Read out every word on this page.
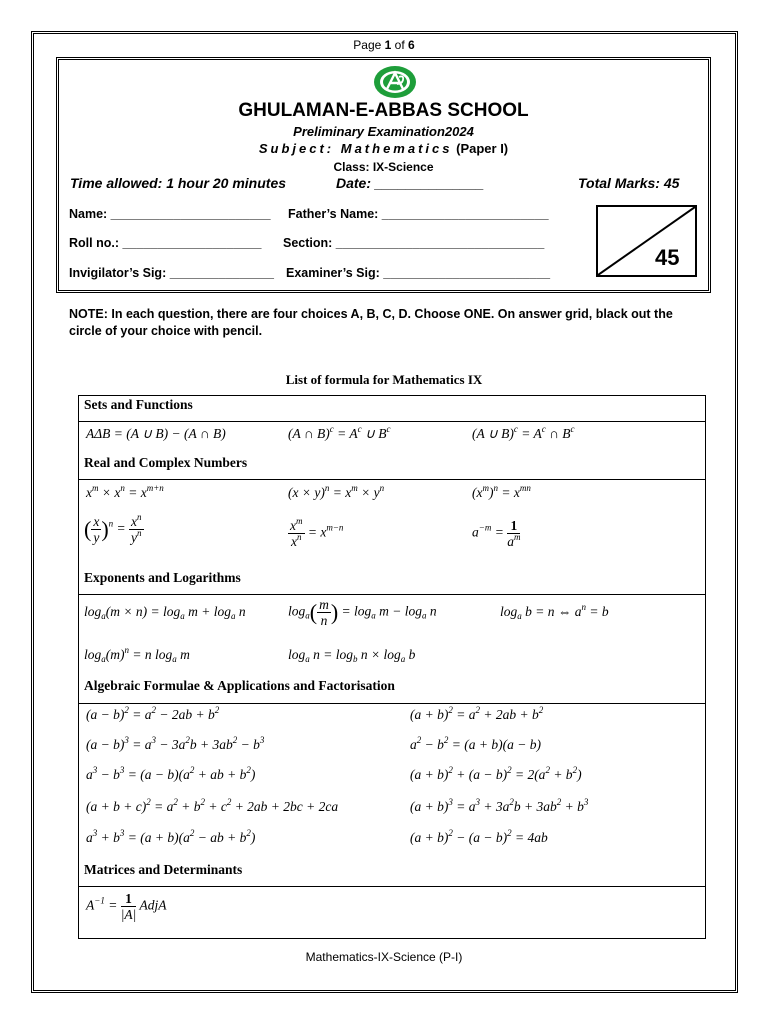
Page 1 of 6
GHULAMAN-E-ABBAS SCHOOL
Preliminary Examination2024
Subject: Mathematics (Paper I)
Class: IX-Science
Time allowed: 1 hour 20 minutes	Date: ______________	Total Marks: 45
Name: _______________________ Father’s Name: ________________________
Roll no.: ____________________ Section: ______________________________
Invigilator’s Sig: _______________ Examiner’s Sig: ________________________
45
NOTE: In each question, there are four choices A, B, C, D. Choose ONE. On answer grid, black out the circle of your choice with pencil.
List of formula for Mathematics IX
Sets and Functions
Real and Complex Numbers
Exponents and Logarithms
Algebraic Formulae & Applications and Factorisation
Matrices and Determinants
AΔB = (A ∪ B) − (A ∩ B)	(A ∩ $B)^c = A^c$ ∪ $B^c$	(A ∪ $B)^c = A^c$ ∩ $B^c$
$x^m \times x^n = x^{m+n}$	$(x \times y)^n = x^m \times y^n$	$(x^m)^n = x^{mn}$
( $\frac{x}{y} )^n = \frac{x^n}{y^n}$	$\frac{x^m}{x^n} = x^{m-n}$	$a^{-m} = \frac{1}{a^m}$
$\log_a(m \times n) = \log_a m + \log_a n$	$\log_a( \frac{m}{n}$ ) = $\log_a m - \log_a n$	$\log_a b = n$ ⇔ $a^n = b$
$\log_a(m)^n = n$ $\log_a m$	$\log_a n = \log_b n \times \log_a b$
$(a - b)^2 = a^2 - 2ab + b^2$	$(a + b)^2 = a^2 + 2ab + b^2$
$(a - b)^3 = a^3 - 3a^2b + 3ab^2 - b^3$	$a^2 - b^2 = (a + b)(a - b)$
$a^3 - b^3 = (a - b)(a^2$ + ab + $b^2$)	$(a + b)^2 + (a - b)^2 = 2(a^2 + b^2)$
$(a + b + c)^2 = a^2 + b^2 + c^2 + 2ab + 2bc + 2ca$	$(a + b)^3 = a^3 + 3a^2b + 3ab^2 + b^3$
$a^3 + b^3 = (a + b)(a^2$ − ab + $b^2$)	$(a + b)^2 - (a - b)^2 = 4ab$
$A^{-1} = \frac{1}{|A|}$ AdjA
Mathematics-IX-Science (P-I)
